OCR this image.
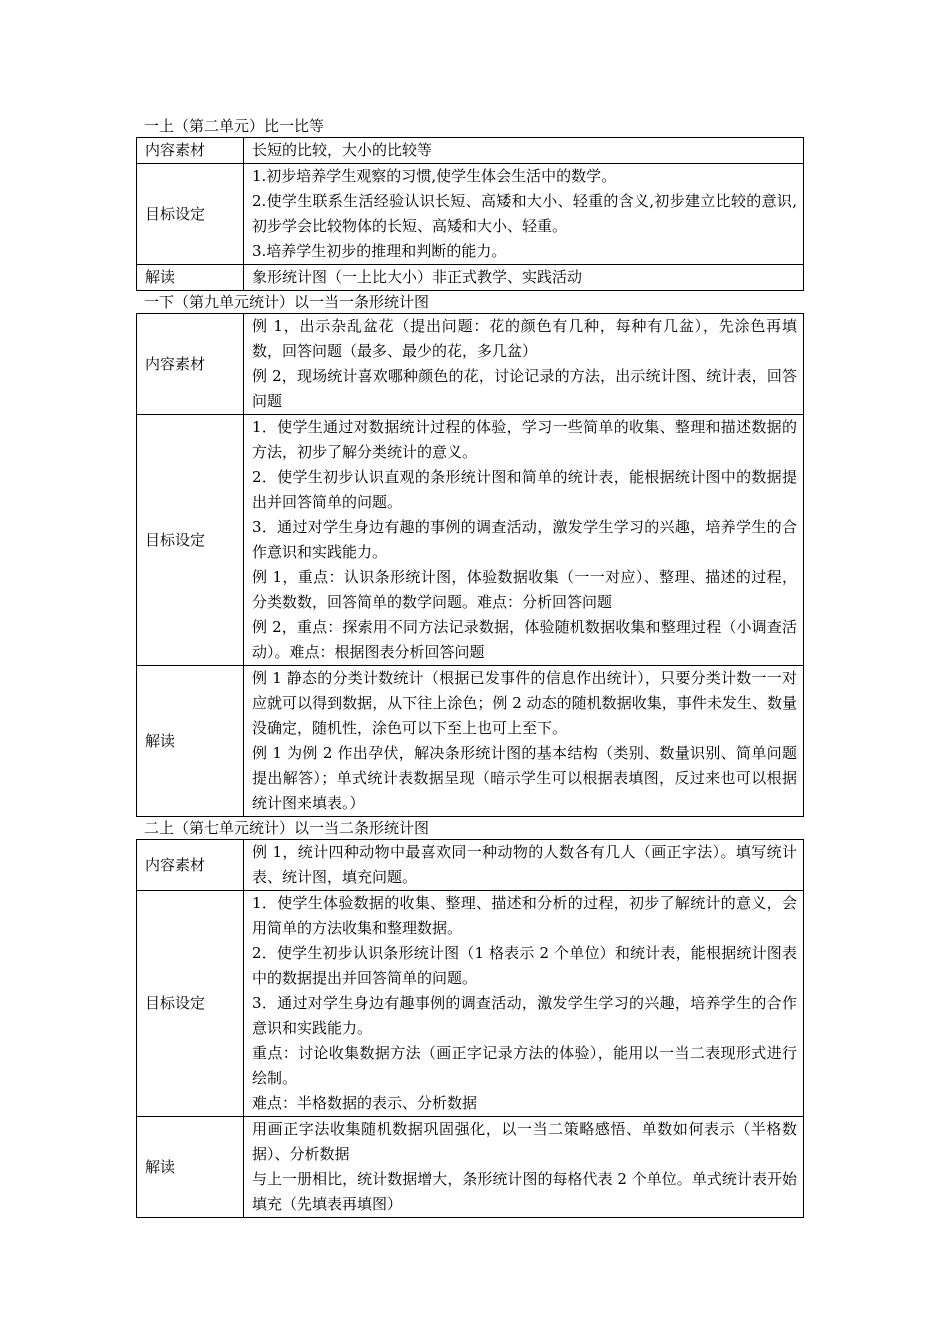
一上（第二单元）比一比等
内容素材	长短的比较，大小的比较等

目标设定	1.初步培养学生观察的习惯,使学生体会生活中的数学。

2.使学生联系生活经验认识长短、高矮和大小、轻重的含义,初步建立比较的意识,初步学会比较物体的长短、高矮和大小、轻重。

3.培养学生初步的推理和判断的能力。

解读	象形统计图（一上比大小）非正式教学、实践活动

一下（第九单元统计）以一当一条形统计图
内容素材	例 1，出示杂乱盆花（提出问题：花的颜色有几种，每种有几盆），先涂色再填数，回答问题（最多、最少的花，多几盆）

例 2，现场统计喜欢哪种颜色的花，讨论记录的方法，出示统计图、统计表，回答问题

目标设定	1．使学生通过对数据统计过程的体验，学习一些简单的收集、整理和描述数据的方法，初步了解分类统计的意义。

2．使学生初步认识直观的条形统计图和简单的统计表，能根据统计图中的数据提出并回答简单的问题。

3．通过对学生身边有趣的事例的调查活动，激发学生学习的兴趣，培养学生的合作意识和实践能力。

例 1，重点：认识条形统计图，体验数据收集（一一对应）、整理、描述的过程，分类数数，回答简单的数学问题。难点：分析回答问题

例 2，重点：探索用不同方法记录数据，体验随机数据收集和整理过程（小调查活动）。难点：根据图表分析回答问题

解读	例 1 静态的分类计数统计（根据已发事件的信息作出统计），只要分类计数一一对应就可以得到数据，从下往上涂色；例 2 动态的随机数据收集，事件未发生、数量没确定，随机性，涂色可以下至上也可上至下。

例 1 为例 2 作出孕伏，解决条形统计图的基本结构（类别、数量识别、简单问题提出解答）；单式统计表数据呈现（暗示学生可以根据表填图，反过来也可以根据统计图来填表。）

二上（第七单元统计）以一当二条形统计图
内容素材	例 1，统计四种动物中最喜欢同一种动物的人数各有几人（画正字法）。填写统计表、统计图，填充问题。

目标设定	1．使学生体验数据的收集、整理、描述和分析的过程，初步了解统计的意义，会用简单的方法收集和整理数据。

2．使学生初步认识条形统计图（1 格表示 2 个单位）和统计表，能根据统计图表中的数据提出并回答简单的问题。

3．通过对学生身边有趣事例的调查活动，激发学生学习的兴趣，培养学生的合作意识和实践能力。

重点：讨论收集数据方法（画正字记录方法的体验），能用以一当二表现形式进行绘制。

难点：半格数据的表示、分析数据

解读	用画正字法收集随机数据巩固强化，以一当二策略感悟、单数如何表示（半格数据）、分析数据

与上一册相比，统计数据增大，条形统计图的每格代表 2 个单位。单式统计表开始填充（先填表再填图）
